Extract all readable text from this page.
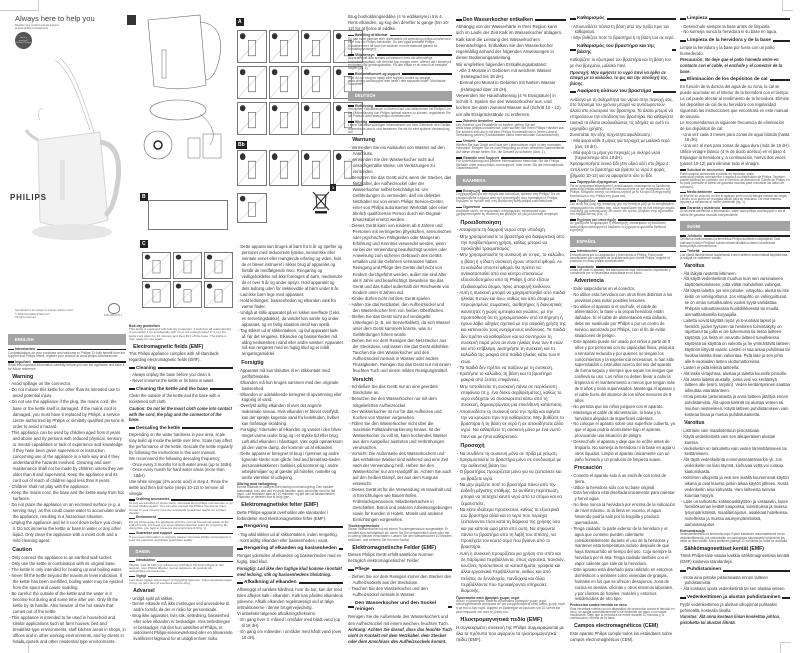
Always here to help you
Register your product and get support at www.philips.com/welcome
Have a question? Contact Philips
PHILIPS
Specifications are subject to change without notice
© 2016 Koninklijke Philips N.V.
All rights reserved.
4222.005.0175.1
A
Bb
B
C
1
ENGLISH
Introduction
Congratulations on your purchase and welcome to Philips! To fully benefit from the support that Philips offers, register your product at www.philips.com/welcome.
Important
Read this important information carefully before you use the appliance and save it for future reference.
Warning
- Avoid spillage on the connector.
- Do not misuse this kettle for other than its intended use to avoid potential injury.
- Do not use the appliance if the plug, the mains cord, the base or the kettle itself is damaged. If the mains cord is damaged, you must have it replaced by Philips, a service centre authorized by Philips or similarly qualified persons in order to avoid a hazard.
- This appliance can be used by children aged from 8 years and above and by persons with reduced physical, sensory or mental capabilities or lack of experience and knowledge if they have been given supervision or instruction concerning use of the appliance in a safe way and if they understand the hazards involved. Cleaning and user maintenance shall not be made by children unless they are older than 8 and supervised. Keep the appliance and its cord out of reach of children aged less than 8 years.
- Children shall not play with the appliance.
- Keep the mains cord, the base and the kettle away from hot surfaces.
- Do not place the appliance on an enclosed surface (e.g. a serving tray), as this could cause water to accumulate under the appliance, resulting in a hazardous situation.
- Unplug the appliance and let it cool down before you clean it. Do not immerse the kettle or base in water or any other liquid. Only clean the appliance with a moist cloth and a mild cleaning agent.
Caution
- Only connect the appliance to an earthed wall socket.
- Only use the kettle in combination with its original base.
- The kettle is only intended for heating up and boiling water.
- Never fill the kettle beyond the maximum level indication. If the kettle has been overfilled, boiling water may be ejected from the spout and cause scalding.
- Be careful: the outside of the kettle and the water in it become hot during and some time after use. Only lift the kettle by its handle. Also beware of the hot steam that comes out of the kettle.
- This appliance is intended to be used in household and similar applications such as farm houses, bed and breakfast-type environments, staff kitchen areas in shops, in offices and in other working environments, and by clients in hotels, motels and other residential type environments.
Boil-dry protection
This kettle is equipped with boil-dry protection: it switches off automatically if you switch it on accidentally with no or not enough water in it. Let the kettle cool down for 10 minutes and then lift it off the base. The kettle is then ready for use again.
Electromagnetic fields (EMF)
This Philips appliance complies with all standards regarding electromagnetic fields (EMF).
Cleaning
- Always unplug the base before you clean it.
- Never immerse the kettle or its base in water.
Cleaning the kettle and the base
Clean the outside of the kettle and the base with a moistened soft cloth.
Caution: Do not let the moist cloth come into contact with the cord, the plug and the connector of the base.
Descaling the kettle
Depending on the water hardness in your area, scale may build up inside the kettle over time. Scale may affect the performance of the kettle. Descale the kettle regularly by following the instructions in this user manual.
We recommend the following descaling frequency:
- Once every 3 months for soft water areas (up to 18dH).
- Once every month for hard water areas (more than 18dH).
Use white vinegar (4% acetic acid) in step 4. Rinse the kettle and then boil twice (steps 10-12) to remove all vinegar.
Ordering accessories
To buy accessories or spare parts, visit www.shop.philips.com/service or go to your Philips dealer. You can also contact the Philips Consumer Care Center in your country (see the worldwide guarantee leaflet for contact details).
Environment
Do not throw away the appliance with the normal household waste at the end of its life, but hand it in at an official collection point for recycling. By doing this, you help to preserve the environment (Fig. 1).
Guarantee and support
If you need information or support, please visit www.philips.com/support or read the separate worldwide guarantee leaflet.
DANSK
Introduktion
Tillykke med dit køb, og velkommen til Philips! Få fuldt udbytte af den support, som Philips tilbyder, ved at registrere dit produkt på www.philips.com/welcome.
Vigtigt
Læs disse vigtige oplysninger omhyggeligt igennem, inden apparatet tages i brug, og gem dem til eventuelt senere brug.
Advarsel
- Undgå spild på stikket.
- Denne elkande må ikke misbruges ved anvendelse til andre formål, da der er risiko for personskade.
- Brug ikke apparatet, hvis stik, netledning, basisenhed eller selve elkanden er beskadiget. Hvis netledningen er beskadiget, må den kun udskiftes af Philips, et autoriseret Philips-serviceværksted eller en tilsvarende kvalificeret fagmand for at undgå enhver risiko.
- Dette apparat kan bruges af børn fra 8 år og opefter og personer med reducerede fysiske, sensoriske eller mentale evner eller manglende erfaring og viden, hvis de er blevet instrueret i sikker brug af apparatet og forstår de medfølgende risici. Rengøring og vedligeholdelse må ikke foretages af børn, medmindre de er over 8 år og under opsyn. Hold apparatet og dets ledning uden for rækkevidde af børn under 8 år.
- Lad ikke børn lege med apparatet.
- Hold ledningen, basisenheden og elkanden væk fra varme flader.
- Undgå at stille apparatet på en lukket overflade (f.eks. en serveringsbakke), da vandet kan samle sig under apparatet, og en farlig situation deraf kan opstå.
- Tag stikket ud af stikkontakten, og lad apparatet køle af, før det rengøres. Elkanden og basisenheden må aldrig nedsænkes i vand eller andre væsker. Apparatet må kun rengøres med en fugtig klud og et mildt rengøringsmiddel.
Forsigtig
- Apparatet må kun tilsluttes til en stikkontakt med jordforbindelse.
- Elkanden må kun bruges sammen med den originale basisenhed.
- Elkanden er udelukkende beregnet til opvarmning eller kogning af vand.
- Overfyld aldrig elkanden til over det angivne maksimale niveau. Hvis elkanden er blevet overfyldt, kan der sprøjte kogende vand fra kedeltuden, hvilket kan forårsage skoldning.
- Forsigtig: Ydersiden af elkanden og vandet i den bliver meget varme under brug og i et stykke tid efter brug. Løft altid elkanden i håndtaget. Vær også opmærksom på den varme damp, der kommer ud af elkanden.
- Dette apparat er beregnet til brug i hjemmet og andre lignende steder som gårde, bed and breakfast-steder, personalekøkkener i butikker, på kontorer og i andre arbejdsmiljøer og af gæster på hoteller, moteller og andre værelser til udlejning.
Sikring mod tørkogning
Denne elkande er udstyret med sikring mod tørkogning: Den slukker automatisk, hvis den ved et uheld tændes uden vand eller med for lidt vand. Lad elkanden køle af i 10 minutter, og løft den af basisenheden. Elkanden er derefter klar til brug igen.
Elektromagnetiske felter (EMF)
Dette Philips-apparat overholder alle standarder i forbindelse med elektromagnetiske felter (EMF).
Rengøring
- Tag altid stikket ud af stikkontakten, inden rengøring.
- Kom aldrig elkanden eller basisenheden i vand.
Rengøring af elkanden og basisenheden
Rengør ydersiden af elkanden og basisenheden med en fugtig, blød klud.
Forsigtig: Lad ikke den fugtige klud komme i kontakt med ledning, stik og basisenhedens tilslutning.
Afkalkning af elkanden
Afhængigt af vandets hårdhed, hvor du bor, kan der med tiden aflejres kalk i elkanden. Kalk kan påvirke elkandens ydeevne. Afkalk elkanden regelmæssigt ved at følge instruktionerne i denne brugervejledning.
Vi anbefaler følgende afkalkningsfrekvens:
- En gang hver 3. måned i områder med blødt vand (op til 18 dH).
- En gang om måneden i områder med hårdt vand (over 18 dH).
Brug husholdningseddike (4 % eddikesyre) i trin 4. Rens elkanden, og kog den derefter to gange (trin 10-12) for at fjerne al eddike.
Bestilling af tilbehør
Du kan købe tilbehør eller reservedele på www.shop.philips.com/service eller hos din Philips-forhandler. Du kan også kontakte Philips Kundeservice i dit land (se folderen om international garanti for kontaktoplysninger).
Miljøhensyn
Apparatet må ikke smides ud sammen med det almindelige husholdningsaffald, når det ikke kan bruges mere. Aflever det i stedet på en kommunal genbrugsstation. På den måde er du med til at beskytte miljøet (fig. 1).
Reklamationsret og support
Hvis du har brug for hjælp eller support, bedes du besøge www.philips.com/support eller læse i den separate folder "Worldwide Guarantee".
DEUTSCH
Einführung
Herzlichen Glückwunsch zu Ihrem Kauf und willkommen bei Philips! Um die Unterstützung von Philips optimal nutzen zu können, registrieren Sie Ihr Produkt unter www.philips.com/welcome.
Wichtig
Lesen Sie diese wichtigen Informationen vor dem Gebrauch des Geräts aufmerksam durch, und bewahren Sie sie für eine spätere Verwendung auf.
Warnung
- Vermeiden Sie ein Auslaufen von Wasser auf den Anschluss.
- Verwenden Sie den Wasserkocher nicht auf unsachgemäße Weise, um Verletzungen zu vermeiden.
- Benutzen Sie das Gerät nicht, wenn der Stecker, das Netzkabel, der Aufheizsockel oder der Wasserkocher selbst beschädigt ist. Um Gefährdungen zu vermeiden, darf ein defektes Netzkabel nur von einem Philips Service-Center, einer von Philips autorisierten Werkstatt oder einer ähnlich qualifizierten Person durch ein Original-Ersatzkabel ersetzt werden.
- Dieses Gerät kann von Kindern ab 8 Jahren und Personen mit verringerten physischen, sensorischen oder psychischen Fähigkeiten oder Mangel an Erfahrung und Kenntnis verwendet werden, wenn sie bei der Verwendung beaufsichtigt wurden oder Anweisung zum sicheren Gebrauch des Geräts erhalten und die Gefahren verstanden haben. Reinigung und Pflege des Geräts darf nicht von Kindern durchgeführt werden, außer Sie sind älter als 8 Jahre und beaufsichtigt. Bewahren Sie das Gerät und das Kabel außerhalb der Reichweite von Kindern unter 8 Jahren auf.
- Kinder dürfen nicht mit dem Gerät spielen.
- Halten Sie das Netzkabel, den Aufheizsockel und den Wasserkocher fern von heißen Oberflächen.
- Stellen Sie das Gerät nicht auf versiegelte Unterlagen (z. B. ein Serviertablett), da sich Wasser unter dem Gerät sammeln könnte, was zu Gefährdungen führen würde.
- Ziehen Sie vor dem Reinigen den Netzstecker aus der Steckdose, und lassen Sie das Gerät abkühlen. Tauchen Sie den Wasserkocher und den Aufheizsockel niemals in Wasser oder andere Flüssigkeiten. Reinigen Sie das Gerät nur mit einem feuchten Tuch und einem milden Reinigungsmittel.
Vorsicht
- Schließen Sie das Gerät nur an eine geerdete Steckdose an.
- Benutzen Sie den Wasserkocher nur mit dem mitgelieferten Aufheizsockel.
- Der Wasserkocher ist nur für das Aufheizen und Kochen von Wasser vorgesehen.
- Füllen Sie den Wasserkocher nicht über die maximale Füllstandsmarkierung hinaus. Ist der Wasserkocher zu voll ist, kann kochendes Wasser aus dem Ausgießer austreten und Verbrühungen verursachen.
- Vorsicht: Die Außenseite des Wasserkochers und das enthaltene Wasser sind während und eine Zeit nach der Verwendung heiß. Heben Sie den Wasserkocher nur am Handgriff an. Achten Sie auch auf den heißen Dampf, der aus dem Ausguss entweicht.
- Dieses Gerät ist für die Verwendung im Haushalt und in Einrichtungen wie Bauernhöfen, Frühstückspensionen, Mitarbeiterküchen in Geschäften, Büros und anderen Arbeitsumgebungen sowie für Kunden in Hotels, Motels und anderen Einrichtungen vorgesehen.
Trockengehschutz
Dieser Wasserkocher ist mit einem Trockengehschutz ausgestattet: Er schaltet sich automatisch ab, wenn Sie ihn versehentlich ohne oder mit zu wenig Wasser einschalten. Lassen Sie den Wasserkocher 10 Minuten abkühlen, und nehmen Sie ihn vom Sockel.
Elektromagnetische Felder (EMF)
Dieses Philips Gerät erfüllt sämtliche Normen bezüglich elektromagnetischer Felder.
Pflege
- Ziehen Sie vor dem Reinigen immer den Stecker des Aufheizsockels aus der Steckdose.
- Tauchen Sie den Wasserkocher und den Aufheizsockel niemals in Wasser.
Den Wasserkocher und den Sockel reinigen
Reinigen Sie die Außenseite des Wasserkochers und den Aufheizsockel mit einem weichen, feuchten Tuch.
Achtung: Achten Sie darauf, dass das feuchte Tuch nicht in Kontakt mit dem Netzkabel, dem Stecker oder dem Anschluss des Aufheizsockels kommt.
Den Wasserkocher entkalken
Abhängig von der Wasserhärte in Ihrer Region kann sich im Laufe der Zeit Kalk im Wasserkocher ablagern. Kalk kann die Leistung des Wasserkochers beeinträchtigen. Entkalken Sie den Wasserkocher regelmäßig anhand der folgenden Anweisungen in dieser Bedienungsanleitung.
Wir empfehlen folgenden Entkalkungsabstand:
- Alle 3 Monate in Gebieten mit weichem Wasser (Härtegrad bis 18 dH).
- Einmal pro Monat in Gebieten mit hartem Wasser (Härtegrad über 18 dH).
Verwenden Sie Haushaltsessig (4 % Essigsäure) in Schritt 4. Spülen Sie den Wasserkocher aus, und kochen Sie dann zweimal Wasser auf (Schritt 10 - 12), um alle Essigrückstände zu entfernen.
Zubehör bestellen
Um Zubehör und Ersatzteile zu kaufen, gehen Sie auf www.shop.philips.com/service, oder suchen Sie Ihren Philips Händler auf. Sie können sich auch mit dem Philips Kundendienst in Ihrem Land in Verbindung setzen (Kontaktdaten siehe internationale Garantieschrift).
Umwelt
Werfen Sie das Gerät am Ende der Lebensdauer nicht in den normalen Hausmüll. Bringen Sie es zum Recycling zu einer offiziellen Sammelstelle. Auf diese Weise helfen Sie, die Umwelt zu schonen (Abb. 1).
Garantie und Support
Für Unterstützung und weitere Informationen besuchen Sie die Philips Website unter www.philips.com/support, oder lesen Sie die internationale Garantieschrift.
ΕΛΛΗΝΙΚΑ
Εισαγωγή
Συγχαρητήρια για την αγορά σας και καλώς ορίσατε στη Philips! Για να επωφεληθείτε πλήρως από την υποστήριξη που προσφέρει η Philips, δηλώστε το προϊόν σας στη διεύθυνση www.philips.com/welcome.
Σημαντικό
Διαβάστε αυτές τις σημαντικές πληροφορίες προσεκτικά πριν χρησιμοποιήσετε τη συσκευή και φυλάξτε τις για μελλοντική αναφορά.
Προειδοποίηση
- Αποφύγετε τη διαρροή νερού στην υποδοχή.
- Μην χρησιμοποιείτε το βραστήρα για διαφορετική από την προβλεπόμενη χρήση, καθώς μπορεί να προκληθεί τραυματισμός.
- Μην χρησιμοποιείτε τη συσκευή αν το φις, το καλώδιο, η βάση ή η ίδια η συσκευή έχουν υποστεί φθορά. Αν το καλώδιο υποστεί φθορά, θα πρέπει να αντικατασταθεί από ένα κέντρο επισκευών εξουσιοδοτημένο από τη Philips ή από εξίσου εξειδικευμένα άτομα, προς αποφυγή κινδύνου.
- Αυτή η συσκευή μπορεί να χρησιμοποιηθεί από παιδιά ηλικίας 8 ετών και άνω, καθώς και από άτομα με περιορισμένες σωματικές, αισθητήριες ή διανοητικές ικανότητες ή χωρίς εμπειρία και γνώσεις, με την προϋπόθεση ότι τη χρησιμοποιούν υπό επιτήρηση ή έχουν λάβει οδηγίες σχετικά με την ασφαλή χρήση της και κατανοούν τους ενεχόμενους κινδύνους. Τα παιδιά δεν πρέπει να καθαρίζουν και να συντηρούν τη συσκευή παρά μόνο αν είναι ηλικίας άνω των 8 ετών και υπό επίβλεψη. Διατηρήστε τη συσκευή και το καλώδιό της μακριά από παιδιά ηλικίας κάτω των 8 ετών.
- Τα παιδιά δεν πρέπει να παίζουν με τη συσκευή.
- Κρατήστε το καλώδιο, τη βάση και το βραστήρα μακριά από ζεστές επιφάνειες.
- Μην τοποθετείτε τη συσκευή πάνω σε περίκλειστη επιφάνεια (π.χ. ένα δίσκο σερβιρίσματος), καθώς το νερό ενδέχεται να συσσωρευτεί κάτω από τη συσκευή, δημιουργώντας μια επικίνδυνη κατάσταση.
- Αποσυνδέστε τη συσκευή από την πρίζα και αφήστε την να κρυώσει πριν την καθαρίσετε. Μην βυθίζετε το βραστήρα ή τη βάση σε νερό ή σε οποιοδήποτε άλλο υγρό. Να καθαρίζετε τη συσκευή μόνο με ένα νωπό πανί και με ήπιο καθαριστικό.
Προσοχή
- Να συνδέετε τη συσκευή μόνο σε πρίζα με γείωση.
- Χρησιμοποιείτε το βραστήρα μόνο σε συνδυασμό με την αυθεντική βάση του.
- Ο βραστήρας προορίζεται μόνο για να ζεσταίνετε και να βράζετε νερό.
- Να μην γεμίζετε ποτέ το βραστήρα πάνω από την ένδειξη μέγιστης στάθμης. Σε αντίθετη περίπτωση, μπορεί να πεταχτεί καυτό νερό από το στόμιο και να ζεματιστείτε.
- Να είστε ιδιαίτερα προσεκτικοί, καθώς τα εξωτερικά του βραστήρα αλλά και το νερό που περιέχει ζεσταίνονται τόσο κατά τη διάρκεια της χρήσης όσο και για κάποια ώρα μετά από αυτή. Να σηκώνετε πάντα το βραστήρα από τη λαβή του. Επίσης, να προσέχετε τον καυτό ατμό που βγαίνει από το βραστήρα.
- Αυτή η συσκευή προορίζεται για χρήση στο σπίτι και σε παρόμοια περιβάλλοντα, όπως αγροτικά, πανσιόν, κουζίνες προσωπικού σε καταστήματα, γραφεία και άλλα εργασιακά περιβάλλοντα, καθώς και από πελάτες σε ξενοδοχεία, πανδοχεία και άλλα περιβάλλοντα που προσφέρονται υπηρεσίες διαμονής.
Προστασία από βρασμό χωρίς νερό
Αυτός ο βραστήρας διαθέτει προστασία βρασμού χωρίς νερό: απενεργοποιείται αυτόματα αν τον ενεργοποιήσετε κατά λάθος χωρίς νερό ή με πολύ λίγο νερό. Αφήστε το βραστήρα να κρυώσει για 10 λεπτά και μετά σηκώστε τον από τη βάση του.
Ηλεκτρομαγνητικά πεδία (EMF)
Η συγκεκριμένη συσκευή της Philips συμμορφώνεται με όλα τα πρότυπα που αφορούν τα ηλεκτρομαγνητικά πεδία (EMF).
Καθαρισμός
- Αποσυνδέετε πάντα τη βάση από την πρίζα πριν τον καθαρισμό.
- Μην βυθίζετε ποτέ το βραστήρα ή τη βάση του σε νερό.
Καθαρισμός του βραστήρα και της βάσης
Καθαρίζετε το εξωτερικό του βραστήρα και τη βάση του με ένα βρεγμένο, μαλακό πανί.
Προσοχή: Μην αφήσετε το υγρό πανί να έρθει σε επαφή με το καλώδιο, το φις και την υποδοχή της βάσης.
Αφαίρεση αλάτων του βραστήρα
Ανάλογα με τη σκληρότητα του νερού στην περιοχή σας, στο πέρασμα του χρόνου μπορεί να συσσωρευτούν άλατα στο εσωτερικό του βραστήρα. Τα άλατα μπορεί να επηρεάσουν την απόδοση του βραστήρα. Να καθαρίζετε τακτικά τα άλατα ακολουθώντας τις οδηγίες σε αυτό το εγχειρίδιο χρήσης.
Συνιστάται την εξής συχνότητα αφαλάτωσης:
- Μία φορά κάθε 3 μήνες για περιοχές με μαλακό νερό (έως 18 dH).
- Μία φορά το μήνα για περιοχές με σκληρό νερό (περισσότερο από 18 dH).
Χρησιμοποιήστε λευκό ξίδι (4% οξικό οξύ) στο βήμα 4. Ξεπλύνετε το βραστήρα και βράστε το νερό 2 φορές (βήματα 10-12) για να αφαιρέσετε όλο το ξίδι.
Παραγγελία εξαρτημάτων
Για να αγοράσετε εξαρτήματα ή ανταλλακτικά, επισκεφτείτε τη διεύθυνση www.shop.philips.com/service ή επικοινωνήστε με τον αντιπρόσωπο της Philips. Μπορείτε επίσης να επικοινωνήσετε με το Κέντρο Εξυπηρέτησης Καταναλωτών της Philips στη χώρα σας.
Περιβάλλον
Στο τέλος της ζωής της συσκευής μην την πετάξετε μαζί με τα συνηθισμένα απορρίμματα του σπιτιού σας, αλλά παραδώστε την σε ένα επίσημο σημείο συλλογής για ανακύκλωση. Με αυτόν τον τρόπο, βοηθάτε στην προστασία του περιβάλλοντος (Εικ. 1).
Εγγύηση και υποστήριξη
Αν χρειάζεστε πληροφορίες ή υποστήριξη, επισκεφτείτε τη διεύθυνση www.philips.com/support ή διαβάστε το ξεχωριστό φυλλάδιο διεθνούς εγγύησης.
ESPAÑOL
Introducción
Enhorabuena por su adquisición y bienvenido a Philips. Para poder beneficiarse por completo de la asistencia que ofrece Philips, registre el producto en www.philips.com/welcome.
Importante
Antes de usar el aparato, lea atentamente esta información importante y consérvela por si necesitara consultarla en el futuro.
Advertencia
- Evite salpicaduras en el conector.
- No utilice esta hervidora con otros fines distintos a los previstos para evitar posibles lesiones.
- No utilice el aparato si el enchufe, el cable de alimentación, la base o la propia hervidora están dañados. Si el cable de alimentación está dañado, debe ser sustituido por Philips o por un centro de servicio autorizado por Philips, con el fin de evitar situaciones de peligro.
- Este aparato puede ser usado por niños a partir de 8 años y por personas con su capacidad física, psíquica o sensorial reducida y por quienes no tengan los conocimientos y la experiencia necesarios, si han sido supervisados o instruidos acerca del uso del aparato de forma segura y siempre que sepan los riesgos que conlleva su uso. Los niños no deben llevar a cabo la limpieza ni el mantenimiento a menos que tengan más de 8 años y sean supervisados. Mantenga el aparato y el cable fuera del alcance de los niños menores de 8 años.
- No permita que los niños jueguen con el aparato.
- Mantenga el cable de alimentación, la base y la hervidora alejados de superficies calientes.
- No coloque el aparato sobre una superficie cubierta, ya que el agua podría acumularse bajo el aparato, provocando una situación de peligro.
- Desenchufe el aparato y deje que se enfríe antes de limpiarlo. No sumerja la hervidora ni la base en agua u otros líquidos. Limpie el aparato únicamente con un paño húmedo y un producto de limpieza suave.
Precaución
- Conecte el aparato solo a un enchufe con toma de tierra.
- Utilice la hervidora sólo con su base original.
- Esta hervidora está diseñada únicamente para calentar y hervir agua.
- No llene nunca la hervidora por encima de la indicación de nivel máximo. Si la llena en exceso, el agua hirviendo podría salir por la boquilla y producir quemaduras.
- Tenga cuidado: la parte exterior de la hervidora y el agua que contiene pueden calentarse considerablemente durante el uso de la hervidora y mantener esta temperatura incluso después de que haya transcurrido un tiempo del uso. Coja siempre la hervidora por el asa. Tenga cuidado también con el vapor caliente que sale de la hervidora.
- Este aparato está diseñado para utilizarlo en entornos domésticos o similares como viviendas de granjas, hostales en los que se ofrecen desayunos, zona de cocina en tiendas, oficinas y otros entornos laborales, y por clientes de hoteles, moteles y entornos residenciales de otro tipo.
Protección contra hervido en seco
Esta hervidora cuenta con un dispositivo de protección contra el hervido en seco: se apaga automáticamente si se enciende sin agua o con agua insuficiente. Deje que la hervidora se enfríe durante 10 minutos y, a continuación, retírela de la base.
Campos electromagnéticos (CEM)
Este aparato Philips cumple todos los estándares sobre campos electromagnéticos (CEM).
Limpieza
- Desenchufe siempre la base antes de limpiarla.
- No sumerja nunca la hervidora ni su base en agua.
Limpieza de la hervidora y de la base
Limpie la hervidora y la base por fuera con un paño humedecido.
Precaución: No deje que el paño húmedo entre en contacto con el cable, el enchufe y el conector de la base.
Eliminación de los depósitos de cal
En función de la dureza del agua de su zona, la cal se puede acumular en el interior de la hervidora con el tiempo. La cal puede afectar al rendimiento de la hervidora. Elimine los depósitos de cal de su hervidora con regularidad siguiendo las instrucciones que encontrará en este manual de usuario.
Le recomendamos la siguiente frecuencia de eliminación de los depósitos de cal:
- Una vez cada 3 meses para zonas de agua blanda (hasta 18 dH).
- Una vez al mes para zonas de agua dura (más de 18 dH).
Utilice vinagre blanco (4 % de ácido acético) en el paso 4. Enjuague la hervidora y, a continuación, hierva dos veces (pasos 10-12) para eliminar todo el vinagre.
Solicitud de accesorios
Para comprar accesorios o piezas de repuesto, visite www.shop.philips.com/service o acuda a su distribuidor de Philips. También puede ponerse en contacto con el Servicio de Atención al Cliente de Philips en su país (consulte el folleto de garantía mundial para encontrar los datos de contacto).
Medio ambiente
Al final de su vida útil, no tire el aparato junto con la basura normal del hogar. Llévelo a un punto de recogida oficial para su reciclado. De esta manera, ayudará a conservar el medio ambiente (fig. 1).
Garantía y asistencia
Si necesita asistencia o información, visite www.philips.com/support o lea el folleto de garantía mundial independiente.
SUOMI
Johdanto
Onnittelut hankinnastasi ja tervetuloa Philips-tuotteiden käyttäjäksi! Saat parhaan hyödyn Philipsin tuesta rekisteröimällä tuotteesi osoitteessa www.philips.com/welcome.
Tärkeää
Lue nämä tärkeät tiedot huolellisesti ennen laitteen ensimmäistä käyttökertaa ja säilytä ne vastaisen varalle.
Varoitus
- Älä läikytä nestettä liittimeen.
- Älä käytä vedenkeitintä muuhun kuin sen varsinaiseen käyttötarkoitukseen, jotta vältät mahdolliset vahingot.
- Älä käytä laitetta, jos sen pistoke, virtajohto, alusta tai itse keitin on vahingoittunut. Jos virtajohto on vahingoittunut, se on oman turvallisuutesi vuoksi syytä vaihdattaa Philipsin valtuuttamassa huoltoliikkeessä tai muulla ammattitaitoisella korjaajalla.
- Laitetta voivat käyttää myös yli 8-vuotiaat lapset ja henkilöt, joiden fyysinen tai henkinen toimintakyky on rajoittunut tai joilla ei ole kokemusta tai tietoa laitteen käytöstä, jos heitä on neuvottu laitteen turvallisessa käytössä tai käyttöä on valvottu ja he ymmärtävät laitteen käyttöön liittyvät vaarat. Lasten ei saa antaa puhdistaa tai huoltaa laitetta ilman valvontaa. Pidä laite ja sen johto alle 8-vuotiaiden lasten ulottumattomissa.
- Lasten ei pidä leikkiä laitteella.
- Älä laske virtajohtoa, alustaa ja laitetta kuumille pinnoille.
- Älä aseta laitetta alustalle, jonka vesi voi kerääntyä laitteen alle (esim. tarjotin). Veden kerääntyminen saattaa aiheuttaa vaaratilanteen.
- Irrota pistoke pistorasiasta ja anna laitteen jäähtyä ennen puhdistamista. Älä upota keitintä tai alustaa veteen tai muuhun nesteeseen. Käytä laitteen puhdistamiseen vain kosteaa liinaa ja mietoa puhdistusainetta.
Varoitus
- Liitä laite vain maadoitettuun pistorasiaan.
- Käytä vedenkeitintä vain sen alkuperäisen alustan kanssa.
- Vedenkeitin on tarkoitettu vain veden lämmittämiseen tai keittämiseen.
- Älä täytä vedenkeitintä enimmäismäärämerkin yli. Jos vedenkeitin on liian täynnä, kiehuvaa vettä voi roiskua kaatonokasta.
- Keittimen ulkopinta ja vesi sen sisällä kuumenevat käytön aikana ja ovat kuumia jonkin aikaa käytön jälkeen. Nosta vedenkeitin aina kahvasta. Varo laitteesta tulevaa kuumaa höyryä.
- Laite on tarkoitettu kotitalouskäyttöön ja vastaaviin, kuten henkilökunnan keittiöt kaupoissa, toimistoissa ja muissa työympäristöissä, maatilamajoitus, asiakkaat hotelleissa, motelleissa ja muissa asuinympäristöissä, aamiaismajoitus.
Kiehumissuoja
Vedenkeittimessä on kiehumissuoja: Kytkin katkaisee automaattisesti virran vedenkeittimestä, jos vedenkeitin on vahingossa käynnistetty tyhjänä tai jos vettä on liian vähän. Anna keittimen jäähtyä 10 minuuttia ja nosta se alustalta.
Sähkömagneettiset kentät (EMF)
Tämä Philips-laite vastaa kaikkia sähkömagneettisia kenttiä (EMF) koskevia standardeja.
Puhdistaminen
- Irrota aina pistoke pistorasiasta ennen laitteen puhdistamista.
- Älä koskaan upota vedenkeitintä tai sen alustaa veteen.
Vedenkeittimen ja alustan puhdistaminen
Pyyhi vedenkeittimen ja alustan ulkopinnat puhtaaksi pehmeällä, kostealla liinalla.
Varoitus: Älä anna kostean liinan koskettaa johtoa, pistoketta tai alustan liitintä.
